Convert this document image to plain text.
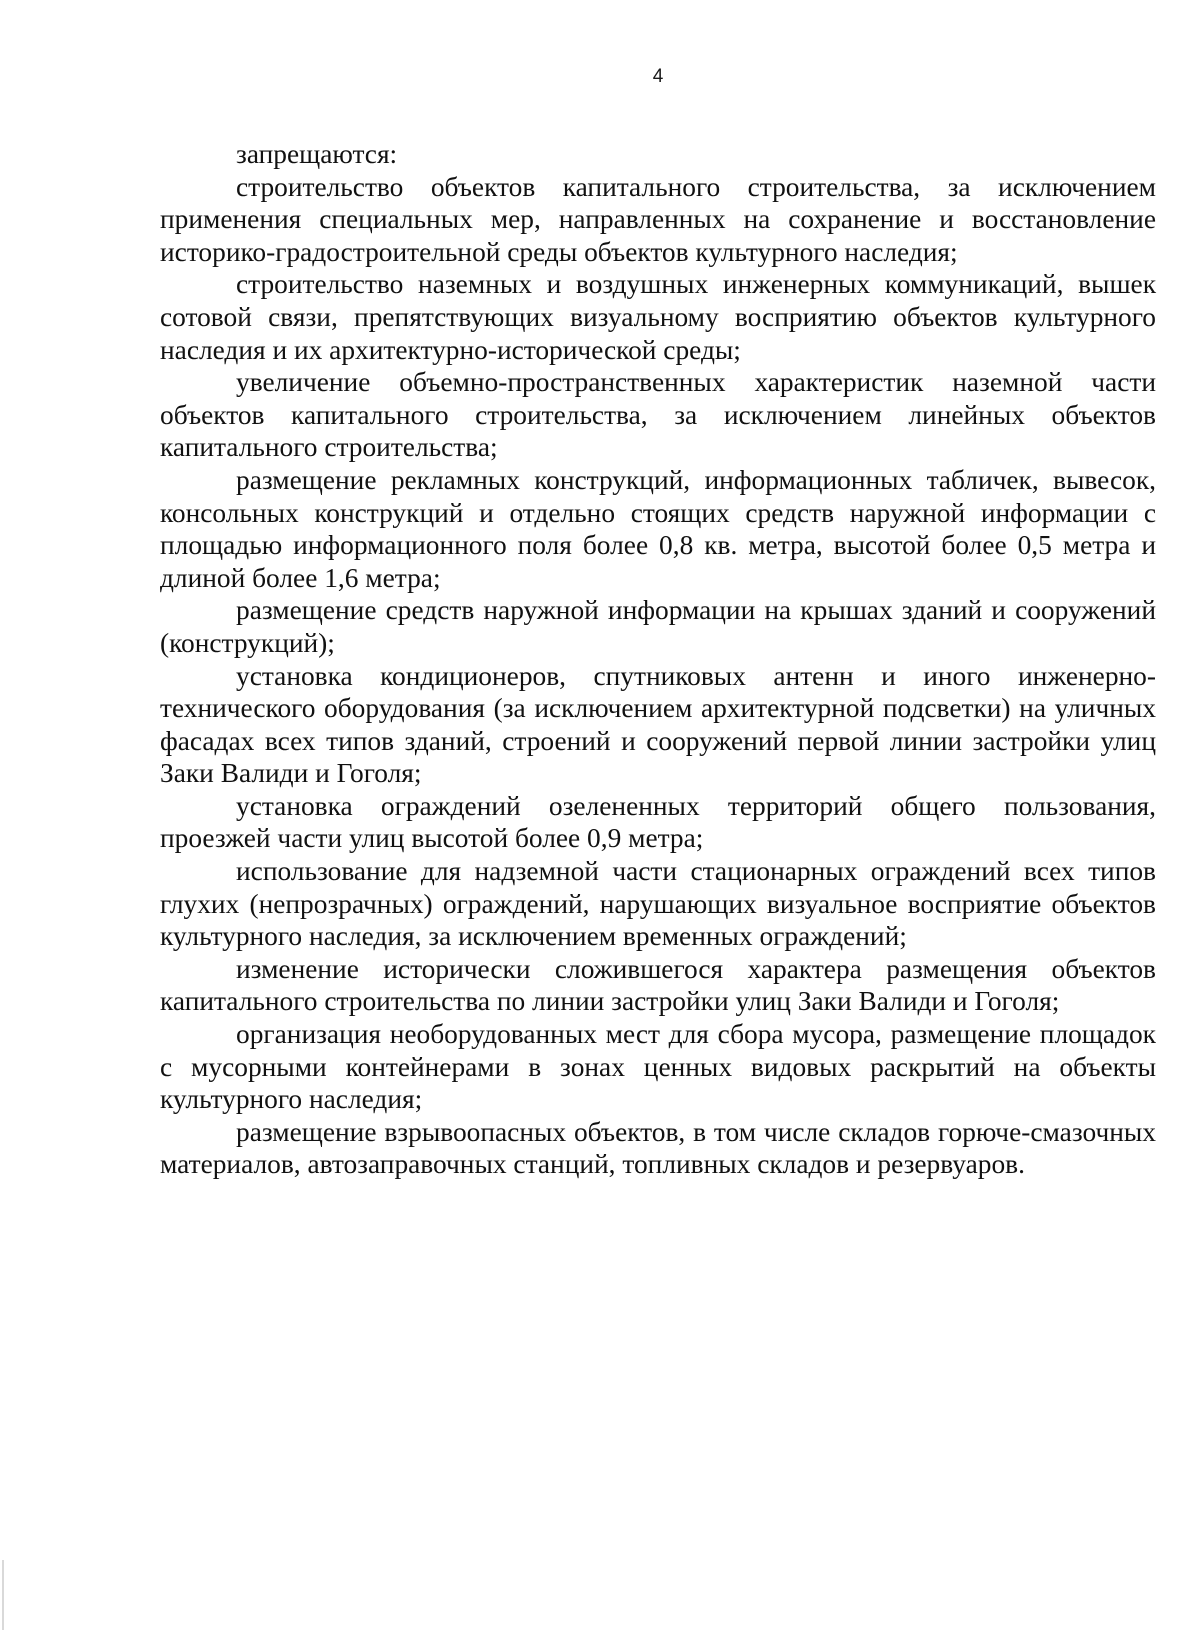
4

запрещаются:

строительство объектов капитального строительства, за исключением применения специальных мер, направленных на сохранение и восстановление историко-градостроительной среды объектов культурного наследия;

строительство наземных и воздушных инженерных коммуникаций, вышек сотовой связи, препятствующих визуальному восприятию объектов культурного наследия и их архитектурно-исторической среды;

увеличение объемно-пространственных характеристик наземной части объектов капитального строительства, за исключением линейных объектов капитального строительства;

размещение рекламных конструкций, информационных табличек, вывесок, консольных конструкций и отдельно стоящих средств наружной информации с площадью информационного поля более 0,8 кв. метра, высотой более 0,5 метра и длиной более 1,6 метра;

размещение средств наружной информации на крышах зданий и сооружений (конструкций);

установка кондиционеров, спутниковых антенн и иного инженерно-технического оборудования (за исключением архитектурной подсветки) на уличных фасадах всех типов зданий, строений и сооружений первой линии застройки улиц Заки Валиди и Гоголя;

установка ограждений озелененных территорий общего пользования, проезжей части улиц высотой более 0,9 метра;

использование для надземной части стационарных ограждений всех типов глухих (непрозрачных) ограждений, нарушающих визуальное восприятие объектов культурного наследия, за исключением временных ограждений;

изменение исторически сложившегося характера размещения объектов капитального строительства по линии застройки улиц Заки Валиди и Гоголя;

организация необорудованных мест для сбора мусора, размещение площадок с мусорными контейнерами в зонах ценных видовых раскрытий на объекты культурного наследия;

размещение взрывоопасных объектов, в том числе складов горюче-смазочных материалов, автозаправочных станций, топливных складов и резервуаров.
